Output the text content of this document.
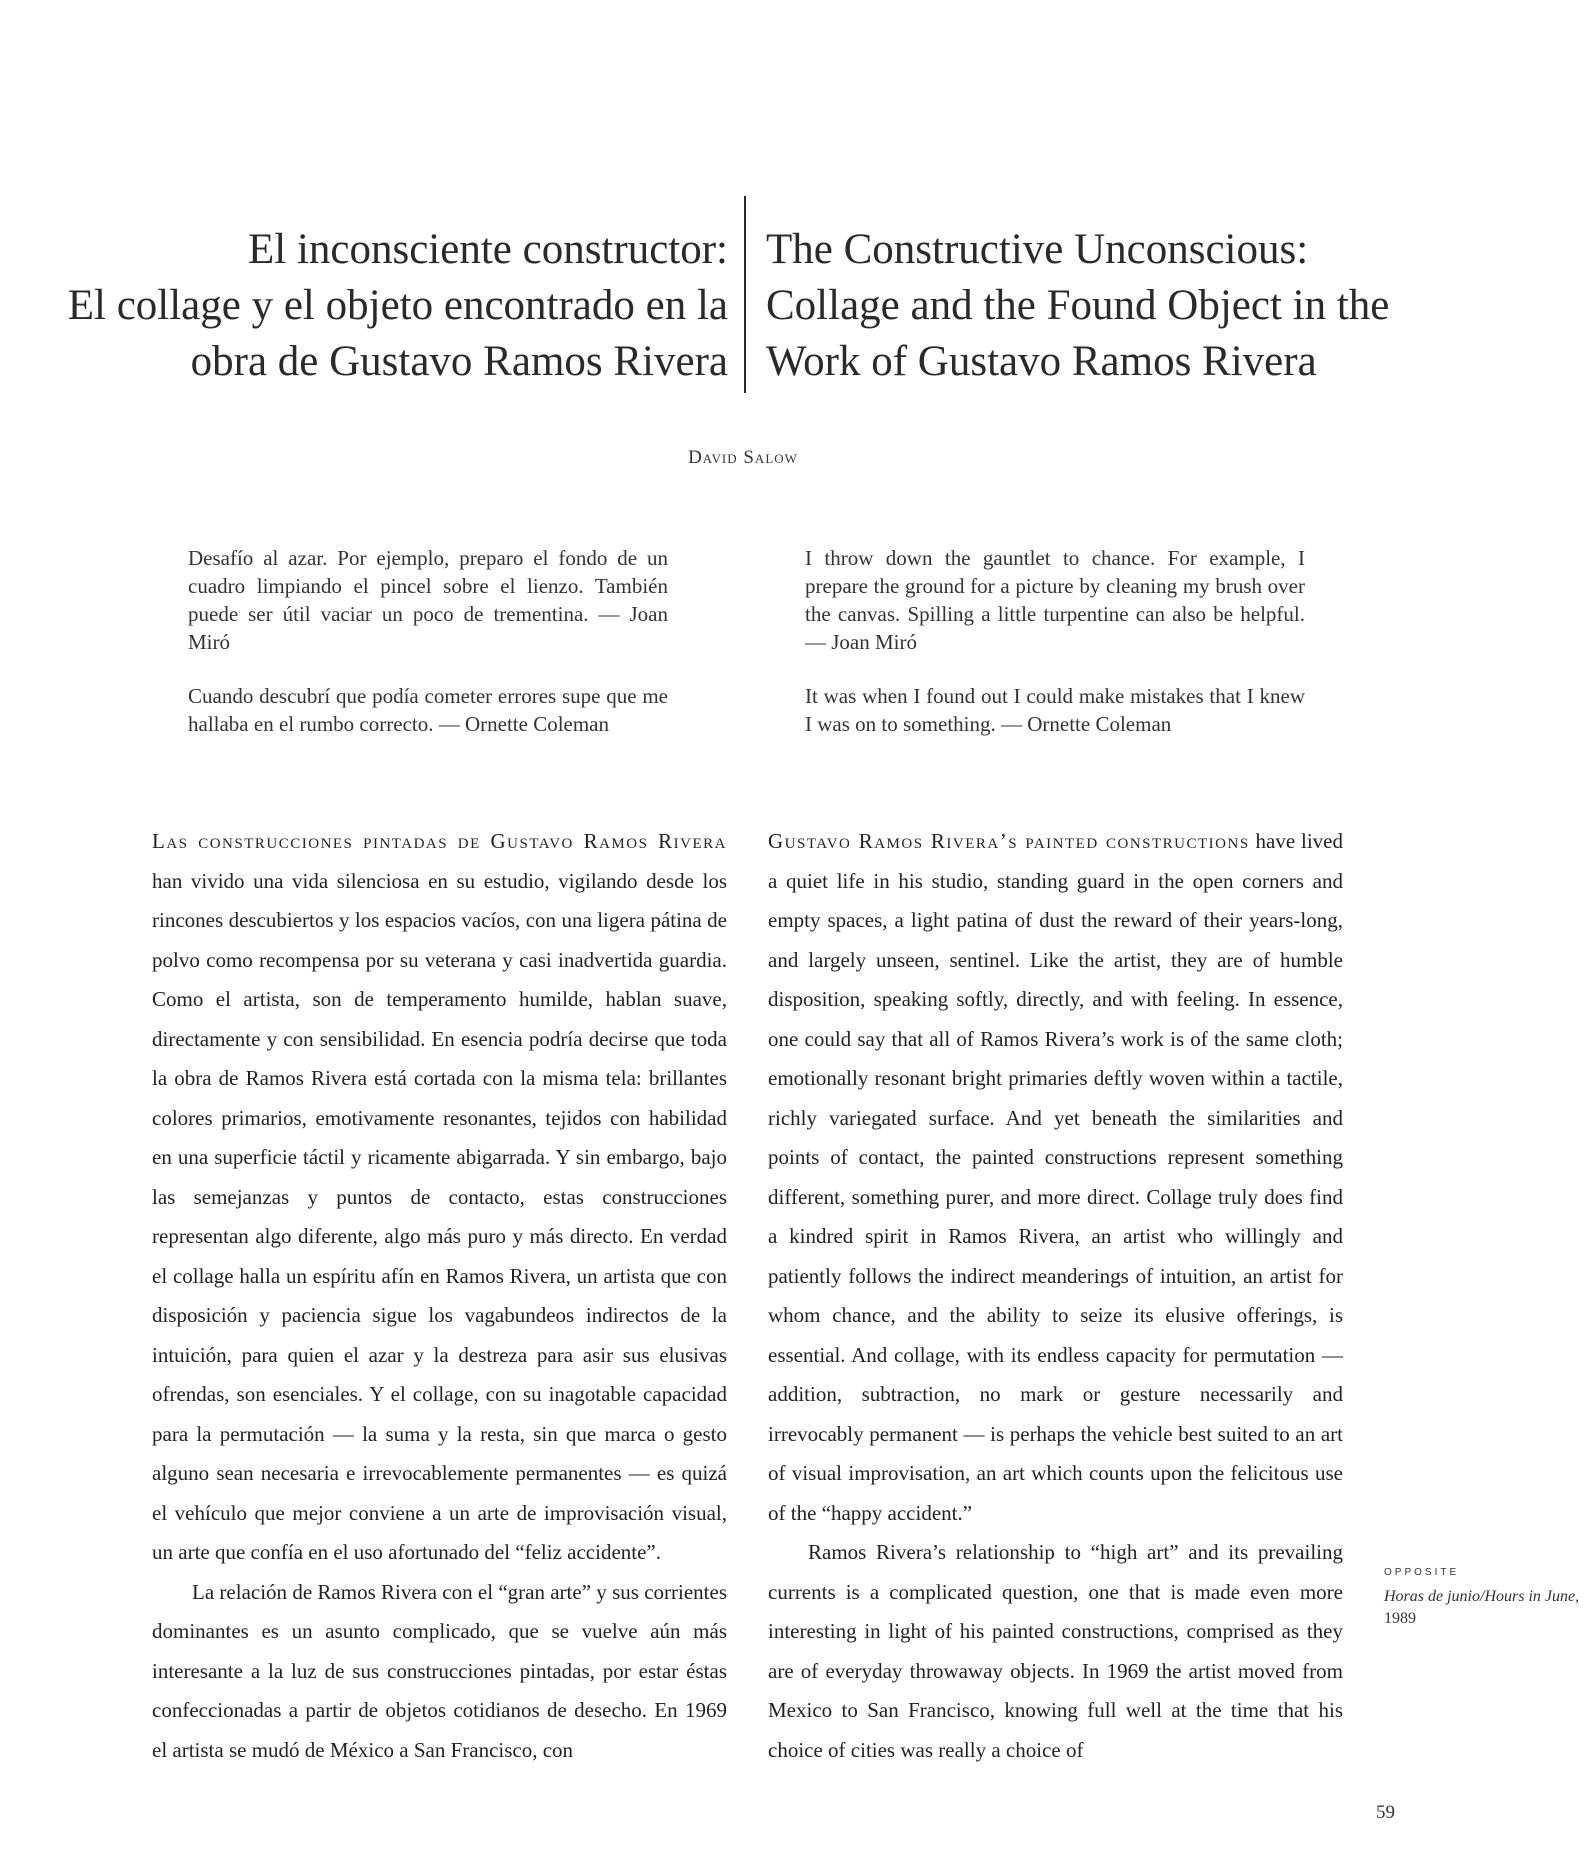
El inconsciente constructor:
El collage y el objeto encontrado en la
obra de Gustavo Ramos Rivera
The Constructive Unconscious:
Collage and the Found Object in the
Work of Gustavo Ramos Rivera
David Salow

Desafío al azar. Por ejemplo, preparo el fondo de un cuadro limpiando el pincel sobre el lienzo. También puede ser útil vaciar un poco de trementina. — Joan Miró

Cuando descubrí que podía cometer errores supe que me hallaba en el rumbo correcto. — Ornette Coleman

I throw down the gauntlet to chance. For example, I prepare the ground for a picture by cleaning my brush over the canvas. Spilling a little turpentine can also be helpful. — Joan Miró

It was when I found out I could make mistakes that I knew I was on to something. — Ornette Coleman

Las construcciones pintadas de Gustavo Ramos Rivera han vivido una vida silenciosa en su estudio, vigilando desde los rincones descubiertos y los espacios vacíos, con una ligera pátina de polvo como recompensa por su veterana y casi inadvertida guardia. Como el artista, son de temperamento humilde, hablan suave, directamente y con sensibilidad. En esencia podría decirse que toda la obra de Ramos Rivera está cortada con la misma tela: brillantes colores primarios, emotivamente resonantes, tejidos con habilidad en una superficie táctil y ricamente abigarrada. Y sin embargo, bajo las semejanzas y puntos de contacto, estas construcciones representan algo diferente, algo más puro y más directo. En verdad el collage halla un espíritu afín en Ramos Rivera, un artista que con disposición y paciencia sigue los vagabundeos indirectos de la intuición, para quien el azar y la destreza para asir sus elusivas ofrendas, son esenciales. Y el collage, con su inagotable capacidad para la permutación — la suma y la resta, sin que marca o gesto alguno sean necesaria e irrevocablemente permanentes — es quizá el vehículo que mejor conviene a un arte de improvisación visual, un arte que confía en el uso afortunado del “feliz accidente”.

La relación de Ramos Rivera con el “gran arte” y sus corrientes dominantes es un asunto complicado, que se vuelve aún más interesante a la luz de sus construcciones pintadas, por estar éstas confeccionadas a partir de objetos cotidianos de desecho. En 1969 el artista se mudó de México a San Francisco, con

Gustavo Ramos Rivera’s painted constructions have lived a quiet life in his studio, standing guard in the open corners and empty spaces, a light patina of dust the reward of their years-long, and largely unseen, sentinel. Like the artist, they are of humble disposition, speaking softly, directly, and with feeling. In essence, one could say that all of Ramos Rivera’s work is of the same cloth; emotionally resonant bright primaries deftly woven within a tactile, richly variegated surface. And yet beneath the similarities and points of contact, the painted constructions represent something different, something purer, and more direct. Collage truly does find a kindred spirit in Ramos Rivera, an artist who willingly and patiently follows the indirect meanderings of intuition, an artist for whom chance, and the ability to seize its elusive offerings, is essential. And collage, with its endless capacity for permutation — addition, subtraction, no mark or gesture necessarily and irrevocably permanent — is perhaps the vehicle best suited to an art of visual improvisation, an art which counts upon the felicitous use of the “happy accident.”

Ramos Rivera’s relationship to “high art” and its prevailing currents is a complicated question, one that is made even more interesting in light of his painted constructions, comprised as they are of everyday throwaway objects. In 1969 the artist moved from Mexico to San Francisco, knowing full well at the time that his choice of cities was really a choice of

OPPOSITE
Horas de junio/Hours in June,
1989
59
